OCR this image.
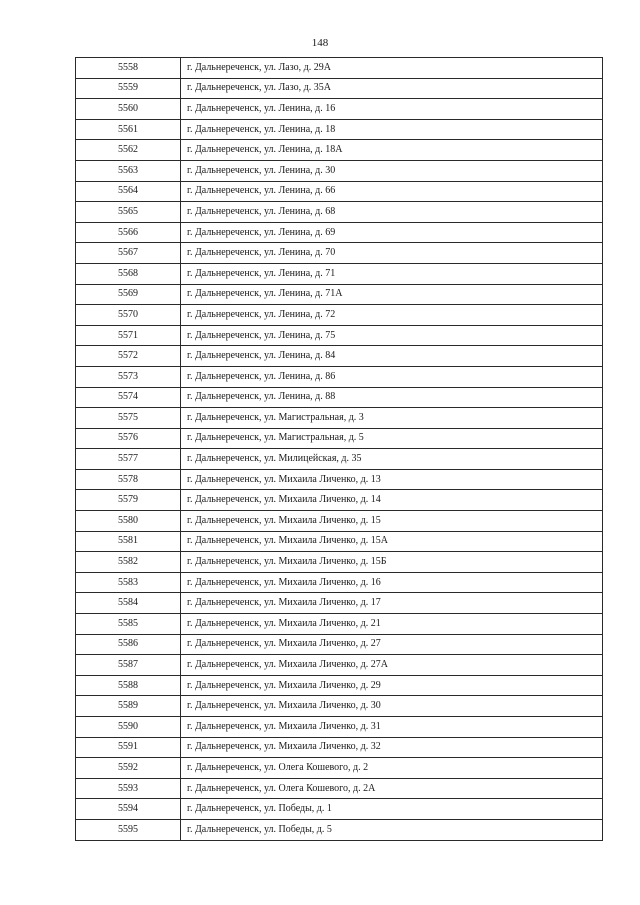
148
5558	г. Дальнереченск, ул. Лазо, д. 29А
5559	г. Дальнереченск, ул. Лазо, д. 35А
5560	г. Дальнереченск, ул. Ленина, д. 16
5561	г. Дальнереченск, ул. Ленина, д. 18
5562	г. Дальнереченск, ул. Ленина, д. 18А
5563	г. Дальнереченск, ул. Ленина, д. 30
5564	г. Дальнереченск, ул. Ленина, д. 66
5565	г. Дальнереченск, ул. Ленина, д. 68
5566	г. Дальнереченск, ул. Ленина, д. 69
5567	г. Дальнереченск, ул. Ленина, д. 70
5568	г. Дальнереченск, ул. Ленина, д. 71
5569	г. Дальнереченск, ул. Ленина, д. 71А
5570	г. Дальнереченск, ул. Ленина, д. 72
5571	г. Дальнереченск, ул. Ленина, д. 75
5572	г. Дальнереченск, ул. Ленина, д. 84
5573	г. Дальнереченск, ул. Ленина, д. 86
5574	г. Дальнереченск, ул. Ленина, д. 88
5575	г. Дальнереченск, ул. Магистральная, д. 3
5576	г. Дальнереченск, ул. Магистральная, д. 5
5577	г. Дальнереченск, ул. Милицейская, д. 35
5578	г. Дальнереченск, ул. Михаила Личенко, д. 13
5579	г. Дальнереченск, ул. Михаила Личенко, д. 14
5580	г. Дальнереченск, ул. Михаила Личенко, д. 15
5581	г. Дальнереченск, ул. Михаила Личенко, д. 15А
5582	г. Дальнереченск, ул. Михаила Личенко, д. 15Б
5583	г. Дальнереченск, ул. Михаила Личенко, д. 16
5584	г. Дальнереченск, ул. Михаила Личенко, д. 17
5585	г. Дальнереченск, ул. Михаила Личенко, д. 21
5586	г. Дальнереченск, ул. Михаила Личенко, д. 27
5587	г. Дальнереченск, ул. Михаила Личенко, д. 27А
5588	г. Дальнереченск, ул. Михаила Личенко, д. 29
5589	г. Дальнереченск, ул. Михаила Личенко, д. 30
5590	г. Дальнереченск, ул. Михаила Личенко, д. 31
5591	г. Дальнереченск, ул. Михаила Личенко, д. 32
5592	г. Дальнереченск, ул. Олега Кошевого, д. 2
5593	г. Дальнереченск, ул. Олега Кошевого, д. 2А
5594	г. Дальнереченск, ул. Победы, д. 1
5595	г. Дальнереченск, ул. Победы, д. 5
